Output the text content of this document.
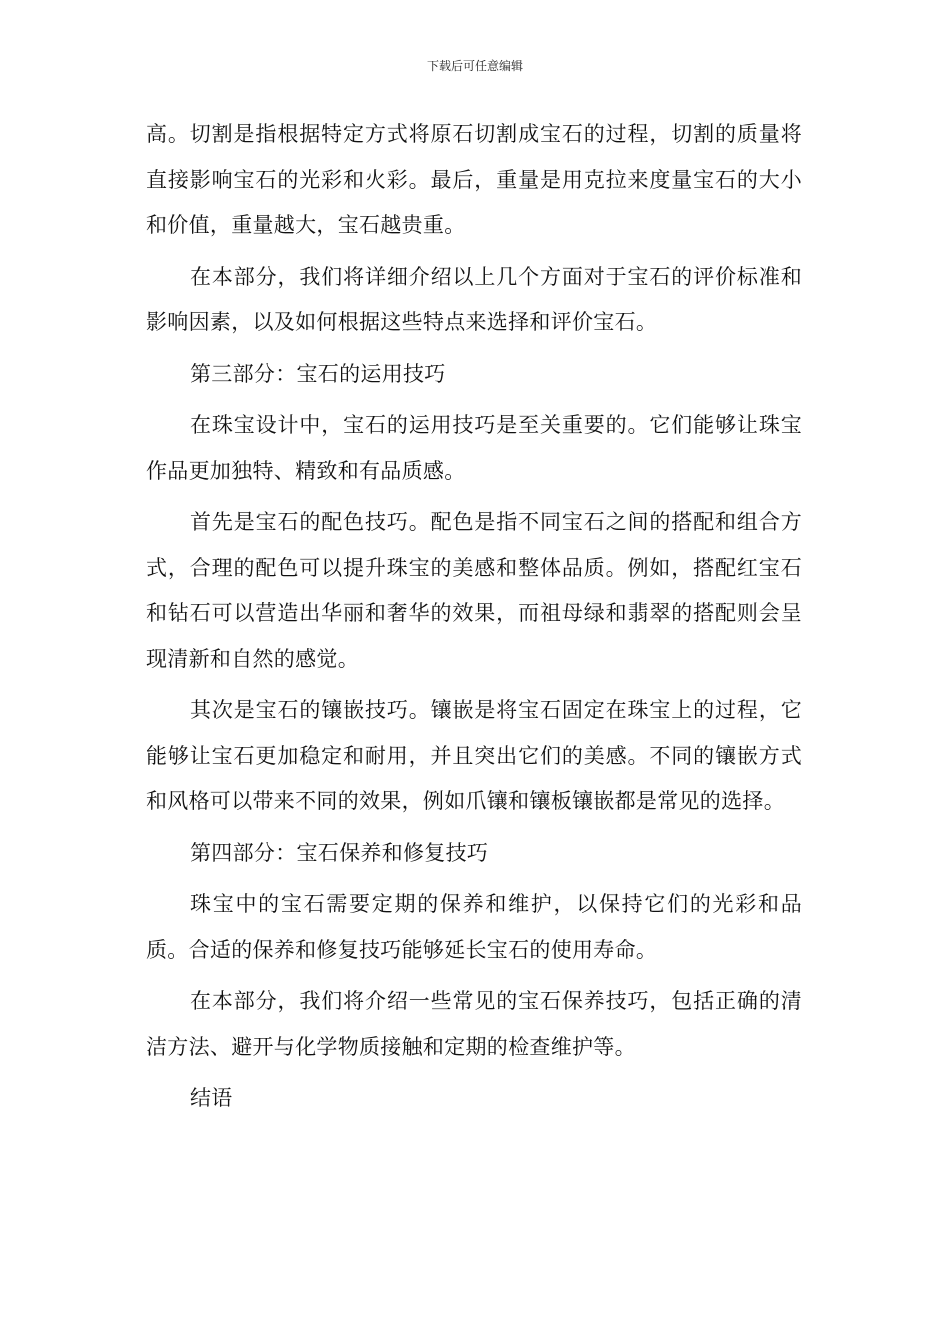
下载后可任意编辑

高。切割是指根据特定方式将原石切割成宝石的过程，切割的质量将直接影响宝石的光彩和火彩。最后，重量是用克拉来度量宝石的大小和价值，重量越大，宝石越贵重。

在本部分，我们将详细介绍以上几个方面对于宝石的评价标准和影响因素，以及如何根据这些特点来选择和评价宝石。

第三部分：宝石的运用技巧

在珠宝设计中，宝石的运用技巧是至关重要的。它们能够让珠宝作品更加独特、精致和有品质感。

首先是宝石的配色技巧。配色是指不同宝石之间的搭配和组合方式，合理的配色可以提升珠宝的美感和整体品质。例如，搭配红宝石和钻石可以营造出华丽和奢华的效果，而祖母绿和翡翠的搭配则会呈现清新和自然的感觉。

其次是宝石的镶嵌技巧。镶嵌是将宝石固定在珠宝上的过程，它能够让宝石更加稳定和耐用，并且突出它们的美感。不同的镶嵌方式和风格可以带来不同的效果，例如爪镶和镶板镶嵌都是常见的选择。

第四部分：宝石保养和修复技巧

珠宝中的宝石需要定期的保养和维护，以保持它们的光彩和品质。合适的保养和修复技巧能够延长宝石的使用寿命。

在本部分，我们将介绍一些常见的宝石保养技巧，包括正确的清洁方法、避开与化学物质接触和定期的检查维护等。

结语
